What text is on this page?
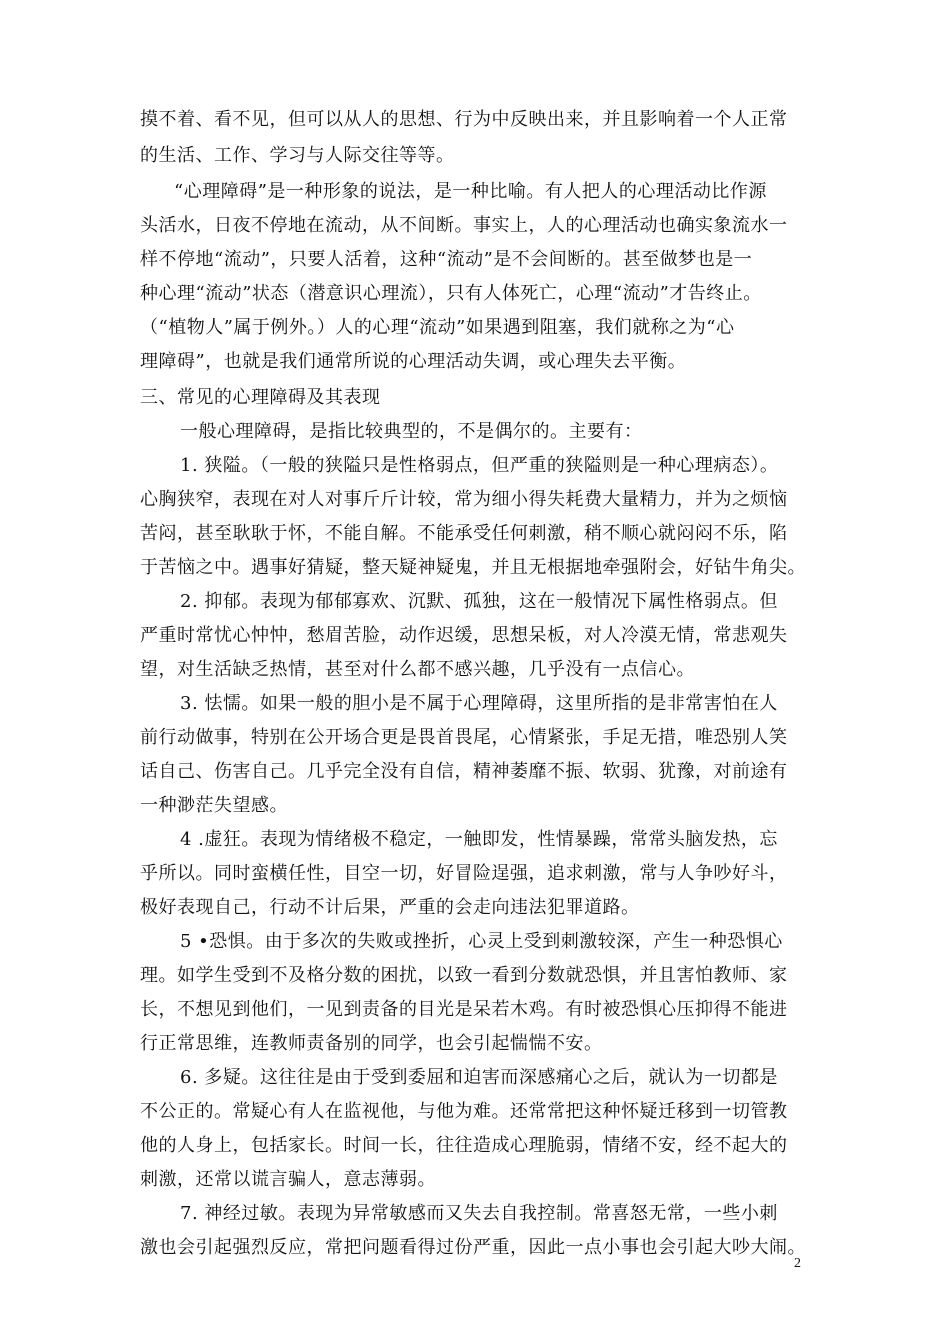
摸不着、看不见，但可以从人的思想、行为中反映出来，并且影响着一个人正常
的生活、工作、学习与人际交往等等。
“心理障碍”是一种形象的说法，是一种比喻。有人把人的心理活动比作源
头活水，日夜不停地在流动，从不间断。事实上，人的心理活动也确实象流水一
样不停地“流动”，只要人活着，这种“流动”是不会间断的。甚至做梦也是一
种心理“流动”状态（潜意识心理流），只有人体死亡，心理“流动”才告终止。
（“植物人”属于例外。）人的心理“流动”如果遇到阻塞，我们就称之为“心
理障碍”，也就是我们通常所说的心理活动失调，或心理失去平衡。
三、常见的心理障碍及其表现
一般心理障碍，是指比较典型的，不是偶尔的。主要有：
1. 狭隘。（一般的狭隘只是性格弱点，但严重的狭隘则是一种心理病态）。
心胸狭窄，表现在对人对事斤斤计较，常为细小得失耗费大量精力，并为之烦恼
苦闷，甚至耿耿于怀，不能自解。不能承受任何刺激，稍不顺心就闷闷不乐，陷
于苦恼之中。遇事好猜疑，整天疑神疑鬼，并且无根据地牵强附会，好钻牛角尖。
2. 抑郁。表现为郁郁寡欢、沉默、孤独，这在一般情况下属性格弱点。但
严重时常忧心忡忡，愁眉苦脸，动作迟缓，思想呆板，对人冷漠无情，常悲观失
望，对生活缺乏热情，甚至对什么都不感兴趣，几乎没有一点信心。
3. 怯懦。如果一般的胆小是不属于心理障碍，这里所指的是非常害怕在人
前行动做事，特别在公开场合更是畏首畏尾，心情紧张，手足无措，唯恐别人笑
话自己、伤害自己。几乎完全没有自信，精神萎靡不振、软弱、犹豫，对前途有
一种渺茫失望感。
4 .虚狂。表现为情绪极不稳定，一触即发，性情暴躁，常常头脑发热，忘
乎所以。同时蛮横任性，目空一切，好冒险逞强，追求刺激，常与人争吵好斗，
极好表现自己，行动不计后果，严重的会走向违法犯罪道路。
5 •恐惧。由于多次的失败或挫折，心灵上受到刺激较深，产生一种恐惧心
理。如学生受到不及格分数的困扰，以致一看到分数就恐惧，并且害怕教师、家
长，不想见到他们，一见到责备的目光是呆若木鸡。有时被恐惧心压抑得不能进
行正常思维，连教师责备别的同学，也会引起惴惴不安。
6. 多疑。这往往是由于受到委屈和迫害而深感痛心之后，就认为一切都是
不公正的。常疑心有人在监视他，与他为难。还常常把这种怀疑迁移到一切管教
他的人身上，包括家长。时间一长，往往造成心理脆弱，情绪不安，经不起大的
刺激，还常以谎言骗人，意志薄弱。
7. 神经过敏。表现为异常敏感而又失去自我控制。常喜怒无常，一些小刺
激也会引起强烈反应，常把问题看得过份严重，因此一点小事也会引起大吵大闹。
2
